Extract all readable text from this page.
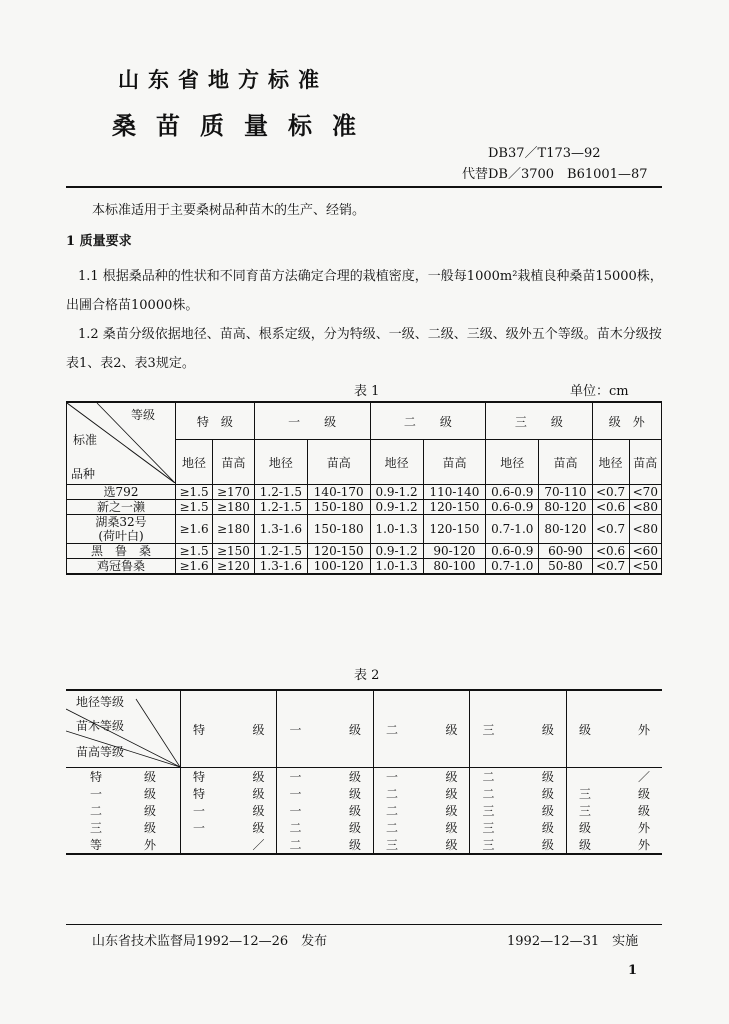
山东省地方标准
桑苗质量标准
DB37／T173—92
代替DB／3700　B61001—87
本标准适用于主要桑树品种苗木的生产、经销。
1 质量要求
1.1 根据桑品种的性状和不同育苗方法确定合理的栽植密度，一般每1000m²栽植良种桑苗15000株，出圃合格苗10000株。
1.2 桑苗分级依据地径、苗高、根系定级，分为特级、一级、二级、三级、级外五个等级。苗木分级按表1、表2、表3规定。
表 1	单位：cm
等级
标准
品种	特　级		一　　级		二　　级		三　　级		级　外	
	地径	苗高	地径	苗高	地径	苗高	地径	苗高	地径	苗高
选792	≥1.5	≥170	1.2-1.5	140-170	0.9-1.2	110-140	0.6-0.9	70-110	<0.7	<70
新之一濑	≥1.5	≥180	1.2-1.5	150-180	0.9-1.2	120-150	0.6-0.9	80-120	<0.6	<80
湖桑32号
(荷叶白)	≥1.6	≥180	1.3-1.6	150-180	1.0-1.3	120-150	0.7-1.0	80-120	<0.7	<80
黑　鲁　桑	≥1.5	≥150	1.2-1.5	120-150	0.9-1.2	90-120	0.6-0.9	60-90	<0.6	<60
鸡冠鲁桑	≥1.6	≥120	1.3-1.6	100-120	1.0-1.3	80-100	0.7-1.0	50-80	<0.7	<50
表 2
地径等级
苗木等级
苗高等级	特 级	一 级	二 级	三 级	级 外

特 级	特 级	一 级	一 级	二 级	／

一 级	特 级	一 级	二 级	二 级	三 级

二 级	一 级	一 级	二 级	三 级	三 级

三 级	一 级	二 级	二 级	三 级	级 外

等 外	／	二 级	三 级	三 级	级 外
山东省技术监督局1992—12—26　发布	1992—12—31　实施
1
